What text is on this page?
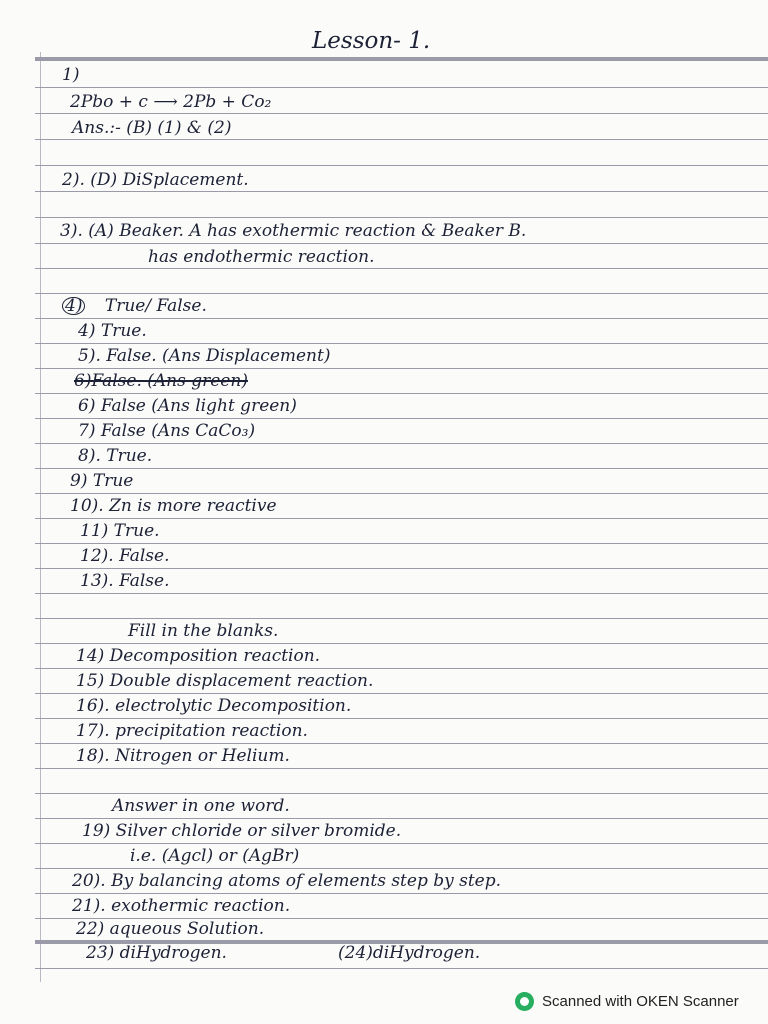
Lesson- 1.
1)
2Pbo + c ⟶ 2Pb + Co₂
Ans.:- (B) (1) & (2)
2). (D) DiSplacement.
3). (A) Beaker. A has exothermic reaction & Beaker B.
has endothermic reaction.
4) True/ False.
4) True.
5). False. (Ans Displacement)
6)False. (Ans green)
6) False (Ans light green)
7) False (Ans CaCo₃)
8). True.
9) True
10). Zn is more reactive
11) True.
12). False.
13). False.
Fill in the blanks.
14) Decomposition reaction.
15) Double displacement reaction.
16). electrolytic Decomposition.
17). precipitation reaction.
18). Nitrogen or Helium.
Answer in one word.
19) Silver chloride or silver bromide.
i.e. (Agcl) or (AgBr)
20). By balancing atoms of elements step by step.
21). exothermic reaction.
22) aqueous Solution.
23) diHydrogen.	(24)diHydrogen.
Scanned with OKEN Scanner
